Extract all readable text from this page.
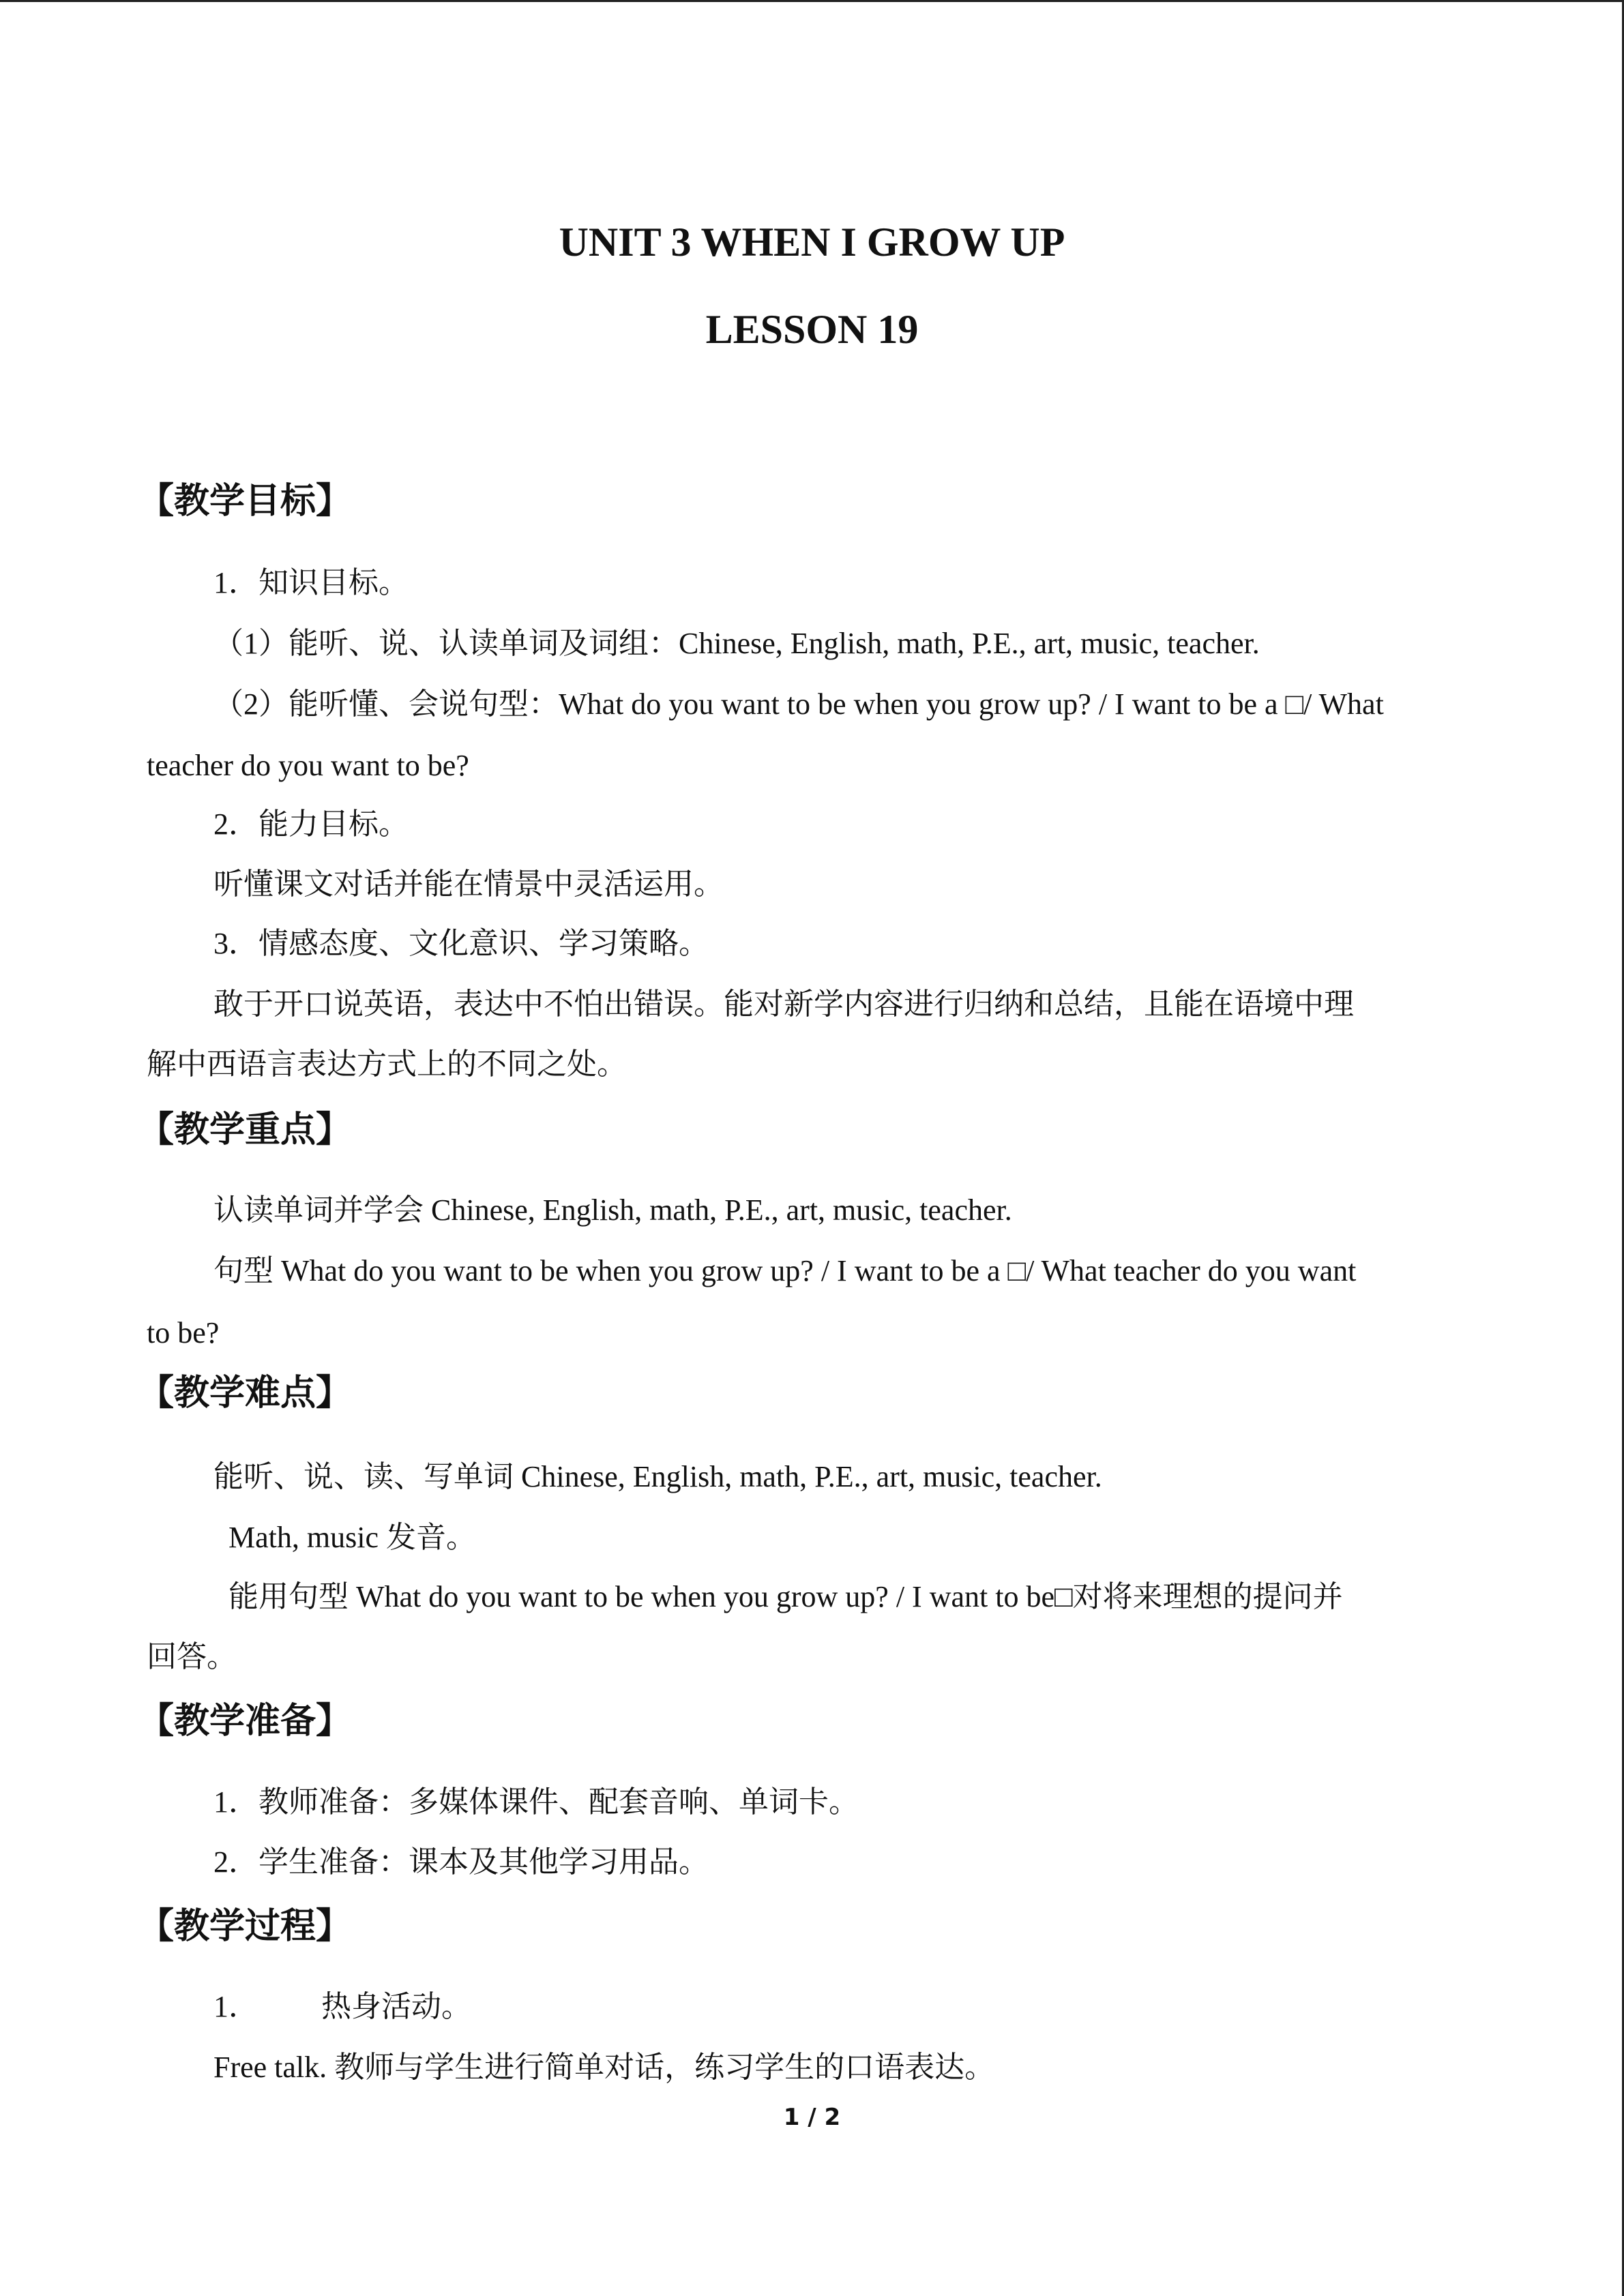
UNIT 3 WHEN I GROW UP
LESSON 19
【教学目标】
1．知识目标。
（1）能听、说、认读单词及词组：Chinese, English, math, P.E., art, music, teacher.
（2）能听懂、会说句型：What do you want to be when you grow up? / I want to be a □/ What
teacher do you want to be?
2．能力目标。
听懂课文对话并能在情景中灵活运用。
3．情感态度、文化意识、学习策略。
敢于开口说英语，表达中不怕出错误。能对新学内容进行归纳和总结，且能在语境中理
解中西语言表达方式上的不同之处。
【教学重点】
认读单词并学会 Chinese, English, math, P.E., art, music, teacher.
句型 What do you want to be when you grow up? / I want to be a □/ What teacher do you want
to be?
【教学难点】
能听、说、读、写单词 Chinese, English, math, P.E., art, music, teacher.
Math, music 发音。
能用句型 What do you want to be when you grow up? / I want to be□对将来理想的提问并
回答。
【教学准备】
1．教师准备：多媒体课件、配套音响、单词卡。
2．学生准备：课本及其他学习用品。
【教学过程】
1． 热身活动。
Free talk. 教师与学生进行简单对话，练习学生的口语表达。
1 / 2
